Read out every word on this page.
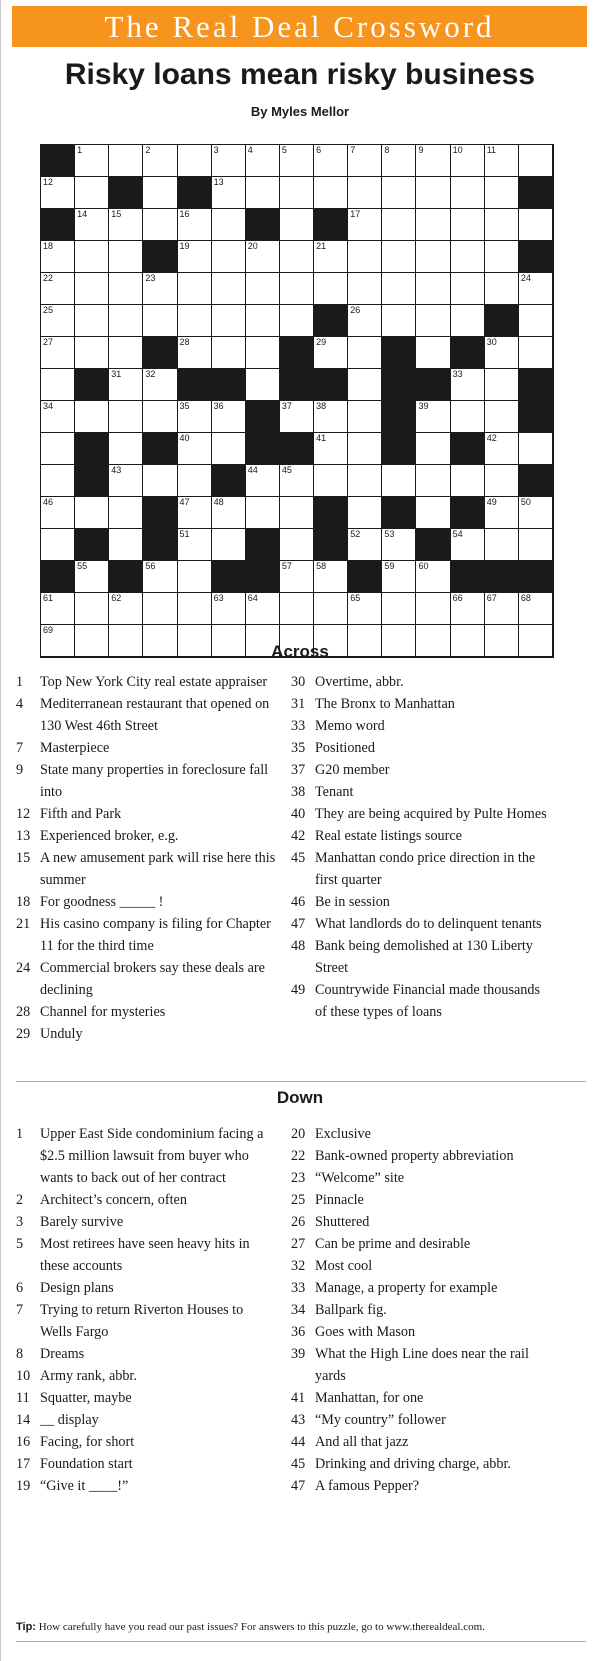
The Real Deal Crossword
Risky loans mean risky business
By Myles Mellor
1	2	3	4	5	6	7	8	9	10	11
12	13
14	15	16	17
18	19	20	21
22	23	24
25	26
27	28	29	30
31	32	33
34	35	36	37	38	39
40	41	42
43	44	45
46	47	48	49	50
51	52	53	54
55	56	57	58	59	60
61	62	63	64	65	66	67	68
69
Across
1	Top New York City real estate appraiser
4	Mediterranean restaurant that opened on 130 West 46th Street
7	Masterpiece
9	State many properties in foreclosure fall into
12 Fifth and Park
13 Experienced broker, e.g.
15 A new amusement park will rise here this summer
18 For goodness _____ !
21 His casino company is filing for Chapter 11 for the third time
24 Commercial brokers say these deals are declining
28 Channel for mysteries
29 Unduly
30 Overtime, abbr.
31 The Bronx to Manhattan
33 Memo word
35 Positioned
37 G20 member
38 Tenant
40 They are being acquired by Pulte Homes
42 Real estate listings source
45 Manhattan condo price direction in the first quarter
46 Be in session
47 What landlords do to delinquent tenants
48 Bank being demolished at 130 Liberty Street
49 Countrywide Financial made thousands of these types of loans
Down
1	Upper East Side condominium facing a $2.5 million lawsuit from buyer who wants to back out of her contract
2	Architect’s concern, often
3	Barely survive
5	Most retirees have seen heavy hits in these accounts
6	Design plans
7	Trying to return Riverton Houses to Wells Fargo
8	Dreams
10 Army rank, abbr.
11 Squatter, maybe
14 __ display
16 Facing, for short
17 Foundation start
19 “Give it ____!”
20 Exclusive
22 Bank-owned property abbreviation
23 “Welcome” site
25 Pinnacle
26 Shuttered
27 Can be prime and desirable
32 Most cool
33 Manage, a property for example
34 Ballpark fig.
36 Goes with Mason
39 What the High Line does near the rail yards
41 Manhattan, for one
43 “My country” follower
44 And all that jazz
45 Drinking and driving charge, abbr.
47 A famous Pepper?
Tip: How carefully have you read our past issues? For answers to this puzzle, go to www.therealdeal.com.
